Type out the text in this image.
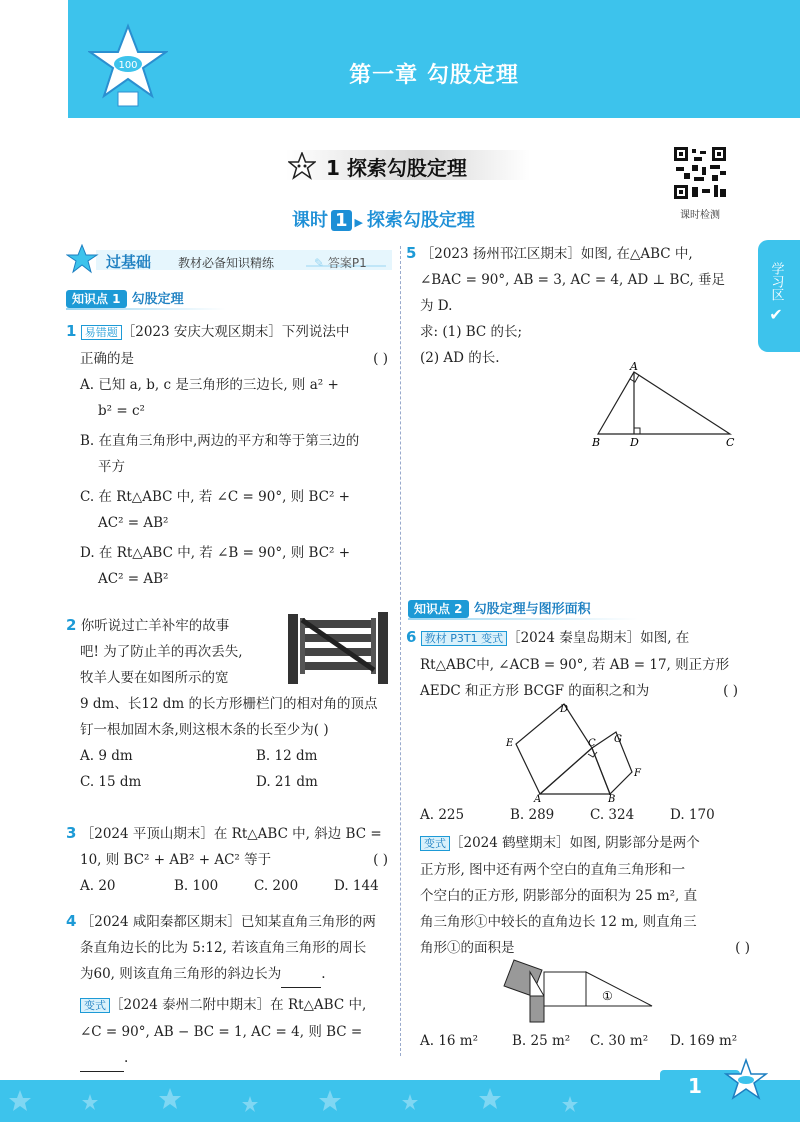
100	第一章 勾股定理
1 探索勾股定理
课时检测
课时 1 ▶ 探索勾股定理
学习区
✔
过基础 教材必备知识精练	✎ 答案P1
知识点 1 勾股定理
1 易错题 ［2023 安庆大观区期末］下列说法中
正确的是	( )
A. 已知 a, b, c 是三角形的三边长, 则 a² +
b² = c²
B. 在直角三角形中,两边的平方和等于第三边的
平方
C. 在 Rt△ABC 中, 若 ∠C = 90°, 则 BC² +
AC² = AB²
D. 在 Rt△ABC 中, 若 ∠B = 90°, 则 BC² +
AC² = AB²
2 你听说过亡羊补牢的故事
吧! 为了防止羊的再次丢失,
牧羊人要在如图所示的宽
9 dm、长12 dm 的长方形栅栏门的相对角的顶点
钉一根加固木条,则这根木条的长至少为( )
A. 9 dm	B. 12 dm
C. 15 dm	D. 21 dm
3 ［2024 平顶山期末］在 Rt△ABC 中, 斜边 BC =
10, 则 BC² + AB² + AC² 等于	( )
A. 20	B. 100	C. 200	D. 144
4 ［2024 咸阳秦都区期末］已知某直角三角形的两
条直角边长的比为 5:12, 若该直角三角形的周长
为60, 则该直角三角形的斜边长为	.
变式 ［2024 泰州二附中期末］在 Rt△ABC 中,
∠C = 90°, AB − BC = 1, AC = 4, 则 BC = .
5 ［2023 扬州邗江区期末］如图, 在△ABC 中,
∠BAC = 90°, AB = 3, AC = 4, AD ⊥ BC, 垂足
为 D.
求: (1) BC 的长;
(2) AD 的长.
A
B	D	C
知识点 2 勾股定理与图形面积
6 教材 P3T1 变式 ［2024 秦皇岛期末］如图, 在
Rt△ABC中, ∠ACB = 90°, 若 AB = 17, 则正方形
AEDC 和正方形 BCGF 的面积之和为	( )
D
E	G
F
C
A	B
A. 225	B. 289	C. 324	D. 170
变式 ［2024 鹤壁期末］如图, 阴影部分是两个
正方形, 图中还有两个空白的直角三角形和一
个空白的正方形, 阴影部分的面积为 25 m², 直
角三角形①中较长的直角边长 12 m, 则直角三
角形①的面积是	( )
①
A. 16 m²	B. 25 m²	C. 30 m²	D. 169 m²
1
